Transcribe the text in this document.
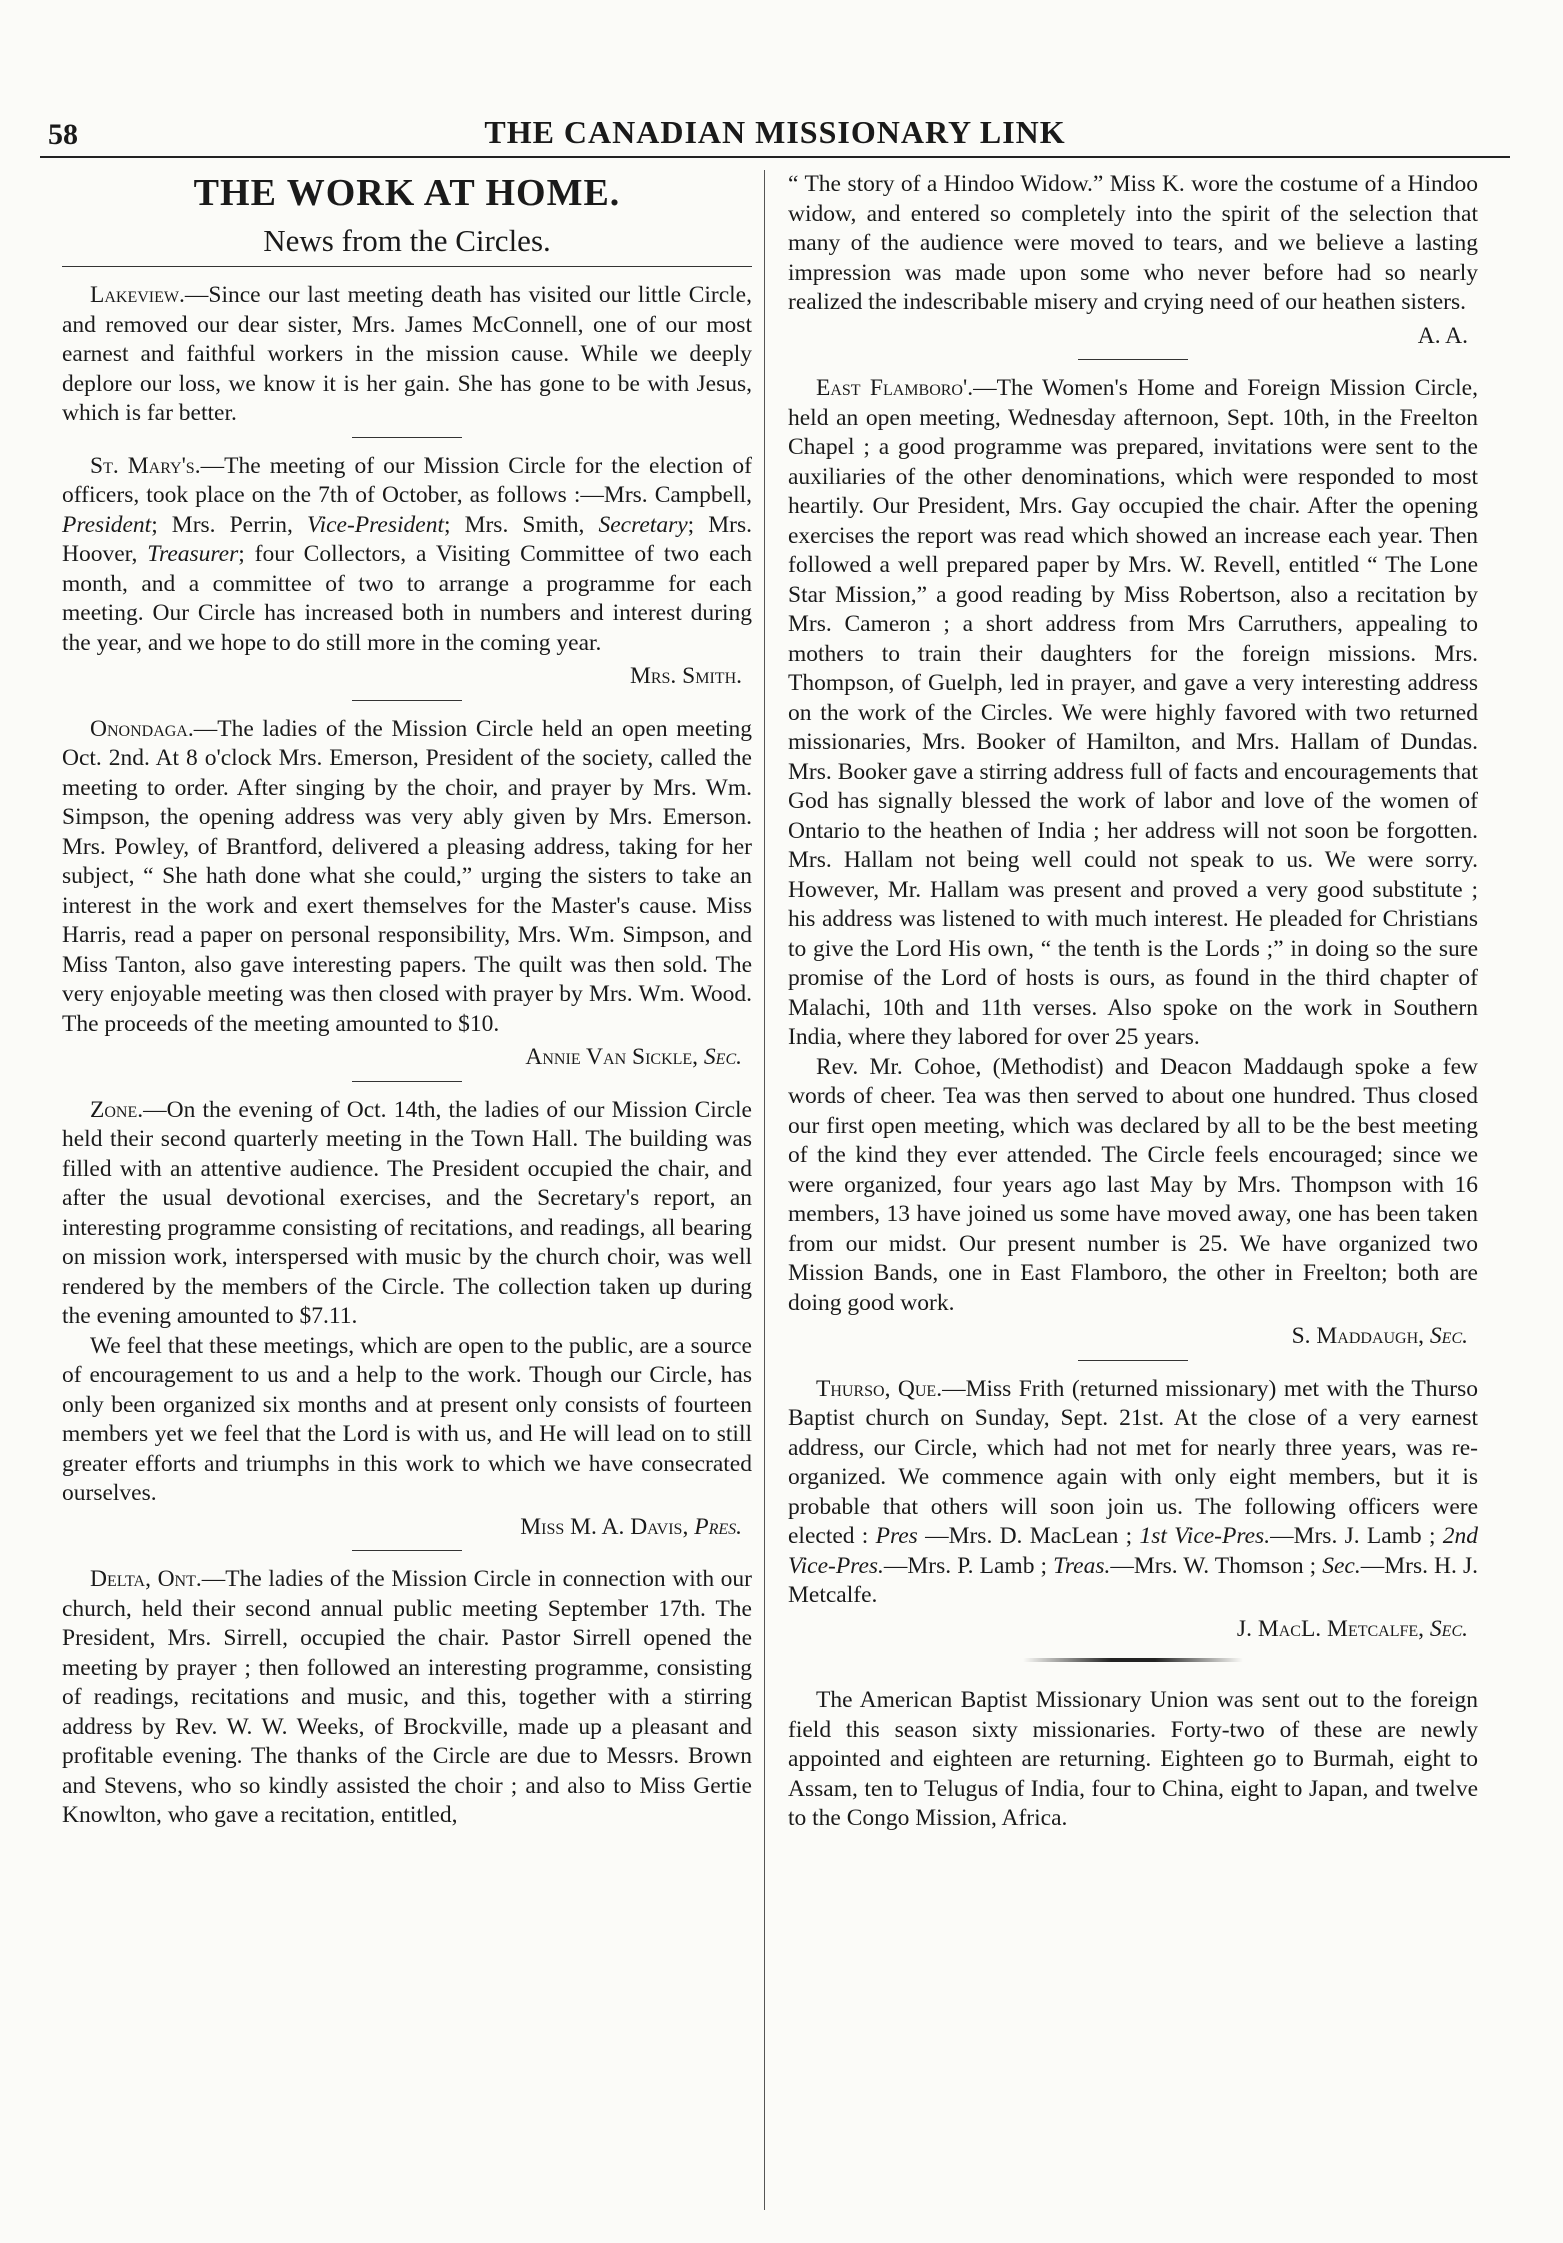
58	THE CANADIAN MISSIONARY LINK
THE WORK AT HOME.
News from the Circles.

Lakeview.—Since our last meeting death has visited our little Circle, and removed our dear sister, Mrs. James McConnell, one of our most earnest and faithful workers in the mission cause. While we deeply deplore our loss, we know it is her gain. She has gone to be with Jesus, which is far better.

St. Mary's.—The meeting of our Mission Circle for the election of officers, took place on the 7th of October, as follows :—Mrs. Campbell, President; Mrs. Perrin, Vice-President; Mrs. Smith, Secretary; Mrs. Hoover, Treasurer; four Collectors, a Visiting Committee of two each month, and a committee of two to arrange a programme for each meeting. Our Circle has increased both in numbers and interest during the year, and we hope to do still more in the coming year.

Mrs. Smith.

Onondaga.—The ladies of the Mission Circle held an open meeting Oct. 2nd. At 8 o'clock Mrs. Emerson, President of the society, called the meeting to order. After singing by the choir, and prayer by Mrs. Wm. Simpson, the opening address was very ably given by Mrs. Emerson. Mrs. Powley, of Brantford, delivered a pleasing address, taking for her subject, “ She hath done what she could,” urging the sisters to take an interest in the work and exert themselves for the Master's cause. Miss Harris, read a paper on personal responsibility, Mrs. Wm. Simpson, and Miss Tanton, also gave interesting papers. The quilt was then sold. The very enjoyable meeting was then closed with prayer by Mrs. Wm. Wood. The proceeds of the meeting amounted to $10.

Annie Van Sickle, Sec.

Zone.—On the evening of Oct. 14th, the ladies of our Mission Circle held their second quarterly meeting in the Town Hall. The building was filled with an attentive audience. The President occupied the chair, and after the usual devotional exercises, and the Secretary's report, an interesting programme consisting of recitations, and readings, all bearing on mission work, interspersed with music by the church choir, was well rendered by the members of the Circle. The collection taken up during the evening amounted to $7.11.

We feel that these meetings, which are open to the public, are a source of encouragement to us and a help to the work. Though our Circle, has only been organized six months and at present only consists of fourteen members yet we feel that the Lord is with us, and He will lead on to still greater efforts and triumphs in this work to which we have consecrated ourselves.

Miss M. A. Davis, Pres.

Delta, Ont.—The ladies of the Mission Circle in connection with our church, held their second annual public meeting September 17th. The President, Mrs. Sirrell, occupied the chair. Pastor Sirrell opened the meeting by prayer ; then followed an interesting programme, consisting of readings, recitations and music, and this, together with a stirring address by Rev. W. W. Weeks, of Brockville, made up a pleasant and profitable evening. The thanks of the Circle are due to Messrs. Brown and Stevens, who so kindly assisted the choir ; and also to Miss Gertie Knowlton, who gave a recitation, entitled,

“ The story of a Hindoo Widow.” Miss K. wore the costume of a Hindoo widow, and entered so completely into the spirit of the selection that many of the audience were moved to tears, and we believe a lasting impression was made upon some who never before had so nearly realized the indescribable misery and crying need of our heathen sisters.

A. A.

East Flamboro'.—The Women's Home and Foreign Mission Circle, held an open meeting, Wednesday afternoon, Sept. 10th, in the Freelton Chapel ; a good programme was prepared, invitations were sent to the auxiliaries of the other denominations, which were responded to most heartily. Our President, Mrs. Gay occupied the chair. After the opening exercises the report was read which showed an increase each year. Then followed a well prepared paper by Mrs. W. Revell, entitled “ The Lone Star Mission,” a good reading by Miss Robertson, also a recitation by Mrs. Cameron ; a short address from Mrs Carruthers, appealing to mothers to train their daughters for the foreign missions. Mrs. Thompson, of Guelph, led in prayer, and gave a very interesting address on the work of the Circles. We were highly favored with two returned missionaries, Mrs. Booker of Hamilton, and Mrs. Hallam of Dundas. Mrs. Booker gave a stirring address full of facts and encouragements that God has signally blessed the work of labor and love of the women of Ontario to the heathen of India ; her address will not soon be forgotten. Mrs. Hallam not being well could not speak to us. We were sorry. However, Mr. Hallam was present and proved a very good substitute ; his address was listened to with much interest. He pleaded for Christians to give the Lord His own, “ the tenth is the Lords ;” in doing so the sure promise of the Lord of hosts is ours, as found in the third chapter of Malachi, 10th and 11th verses. Also spoke on the work in Southern India, where they labored for over 25 years.

Rev. Mr. Cohoe, (Methodist) and Deacon Maddaugh spoke a few words of cheer. Tea was then served to about one hundred. Thus closed our first open meeting, which was declared by all to be the best meeting of the kind they ever attended. The Circle feels encouraged; since we were organized, four years ago last May by Mrs. Thompson with 16 members, 13 have joined us some have moved away, one has been taken from our midst. Our present number is 25. We have organized two Mission Bands, one in East Flamboro, the other in Freelton; both are doing good work.

S. Maddaugh, Sec.

Thurso, Que.—Miss Frith (returned missionary) met with the Thurso Baptist church on Sunday, Sept. 21st. At the close of a very earnest address, our Circle, which had not met for nearly three years, was re-organized. We commence again with only eight members, but it is probable that others will soon join us. The following officers were elected : Pres —Mrs. D. MacLean ; 1st Vice-Pres.—Mrs. J. Lamb ; 2nd Vice-Pres.—Mrs. P. Lamb ; Treas.—Mrs. W. Thomson ; Sec.—Mrs. H. J. Metcalfe.

J. MacL. Metcalfe, Sec.

The American Baptist Missionary Union was sent out to the foreign field this season sixty missionaries. Forty-two of these are newly appointed and eighteen are returning. Eighteen go to Burmah, eight to Assam, ten to Telugus of India, four to China, eight to Japan, and twelve to the Congo Mission, Africa.
